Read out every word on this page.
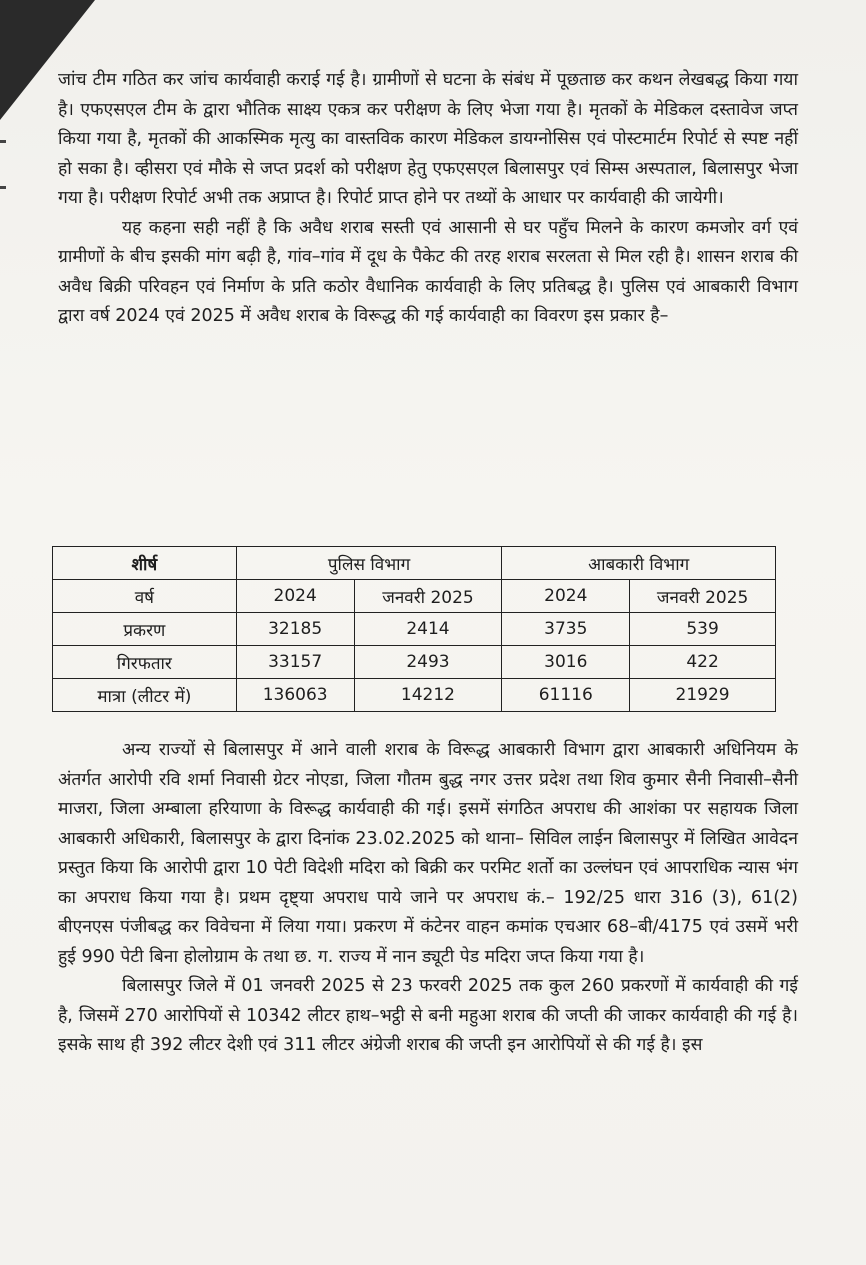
जांच टीम गठित कर जांच कार्यवाही कराई गई है। ग्रामीणों से घटना के संबंध में पूछताछ कर कथन लेखबद्ध किया गया है। एफएसएल टीम के द्वारा भौतिक साक्ष्य एकत्र कर परीक्षण के लिए भेजा गया है। मृतकों के मेडिकल दस्तावेज जप्त किया गया है, मृतकों की आकस्मिक मृत्यु का वास्तविक कारण मेडिकल डायग्नोसिस एवं पोस्टमार्टम रिपोर्ट से स्पष्ट नहीं हो सका है। व्हीसरा एवं मौके से जप्त प्रदर्श को परीक्षण हेतु एफएसएल बिलासपुर एवं सिम्स अस्पताल, बिलासपुर भेजा गया है। परीक्षण रिपोर्ट अभी तक अप्राप्त है। रिपोर्ट प्राप्त होने पर तथ्यों के आधार पर कार्यवाही की जायेगी।

यह कहना सही नहीं है कि अवैध शराब सस्ती एवं आसानी से घर पहुँच मिलने के कारण कमजोर वर्ग एवं ग्रामीणों के बीच इसकी मांग बढ़ी है, गांव–गांव में दूध के पैकेट की तरह शराब सरलता से मिल रही है। शासन शराब की अवैध बिक्री परिवहन एवं निर्माण के प्रति कठोर वैधानिक कार्यवाही के लिए प्रतिबद्ध है। पुलिस एवं आबकारी विभाग द्वारा वर्ष 2024 एवं 2025 में अवैध शराब के विरूद्ध की गई कार्यवाही का विवरण इस प्रकार है–

शीर्ष	पुलिस विभाग		आबकारी विभाग	
वर्ष	2024	जनवरी 2025	2024	जनवरी 2025
प्रकरण	32185	2414	3735	539
गिरफतार	33157	2493	3016	422
मात्रा (लीटर में)	136063	14212	61116	21929

अन्य राज्यों से बिलासपुर में आने वाली शराब के विरूद्ध आबकारी विभाग द्वारा आबकारी अधिनियम के अंतर्गत आरोपी रवि शर्मा निवासी ग्रेटर नोएडा, जिला गौतम बुद्ध नगर उत्तर प्रदेश तथा शिव कुमार सैनी निवासी–सैनी माजरा, जिला अम्बाला हरियाणा के विरूद्ध कार्यवाही की गई। इसमें संगठित अपराध की आशंका पर सहायक जिला आबकारी अधिकारी, बिलासपुर के द्वारा दिनांक 23.02.2025 को थाना– सिविल लाईन बिलासपुर में लिखित आवेदन प्रस्तुत किया कि आरोपी द्वारा 10 पेटी विदेशी मदिरा को बिक्री कर परमिट शर्तो का उल्लंघन एवं आपराधिक न्यास भंग का अपराध किया गया है। प्रथम दृष्ट्या अपराध पाये जाने पर अपराध कं.– 192/25 धारा 316 (3), 61(2) बीएनएस पंजीबद्ध कर विवेचना में लिया गया। प्रकरण में कंटेनर वाहन कमांक एचआर 68–बी/4175 एवं उसमें भरी हुई 990 पेटी बिना होलोग्राम के तथा छ. ग. राज्य में नान ड्यूटी पेड मदिरा जप्त किया गया है।

बिलासपुर जिले में 01 जनवरी 2025 से 23 फरवरी 2025 तक कुल 260 प्रकरणों में कार्यवाही की गई है, जिसमें 270 आरोपियों से 10342 लीटर हाथ–भट्ठी से बनी महुआ शराब की जप्ती की जाकर कार्यवाही की गई है। इसके साथ ही 392 लीटर देशी एवं 311 लीटर अंग्रेजी शराब की जप्ती इन आरोपियों से की गई है। इस
